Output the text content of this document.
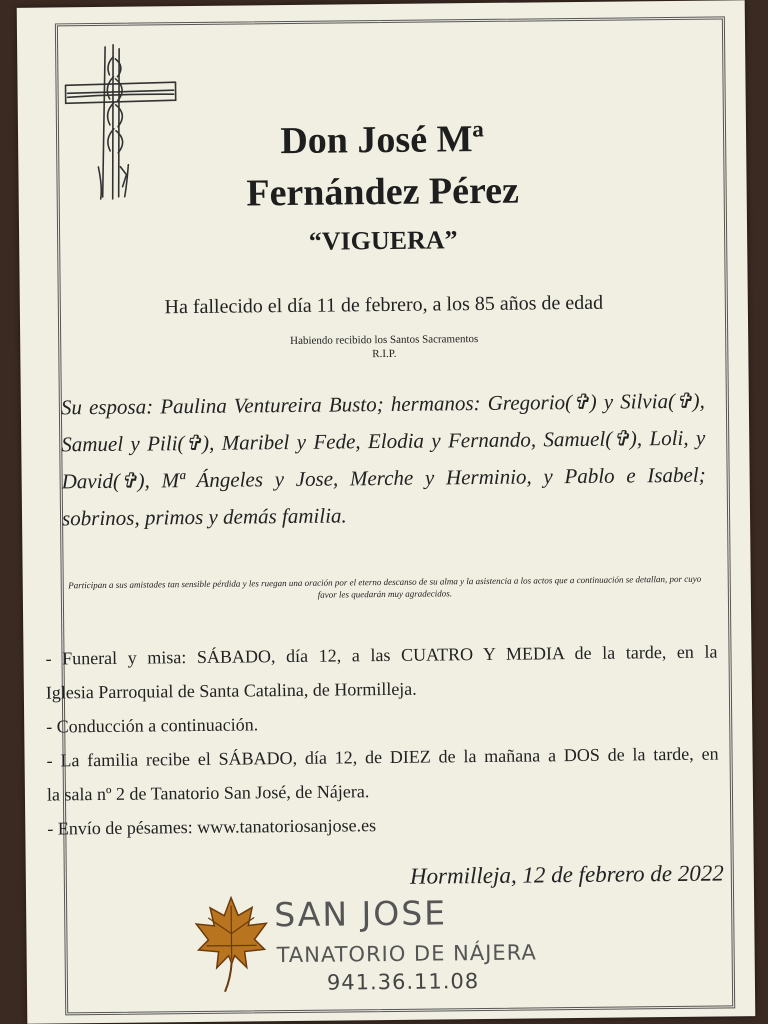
Don José Mª
Fernández Pérez
“VIGUERA”
Ha fallecido el día 11 de febrero, a los 85 años de edad
Habiendo recibido los Santos Sacramentos
R.I.P.
Su esposa: Paulina Ventureira Busto; hermanos: Gregorio(✞) y Silvia(✞), Samuel y Pili(✞), Maribel y Fede, Elodia y Fernando, Samuel(✞), Loli, y David(✞), Mª Ángeles y Jose, Merche y Herminio, y Pablo e Isabel; sobrinos, primos y demás familia.
Participan a sus amistades tan sensible pérdida y les ruegan una oración por el eterno descanso de su alma y la asistencia a los actos que a continuación se detallan, por cuyo favor les quedarán muy agradecidos.
- Funeral y misa: SÁBADO, día 12, a las CUATRO Y MEDIA de la tarde, en la
Iglesia Parroquial de Santa Catalina, de Hormilleja.
- Conducción a continuación.
- La familia recibe el SÁBADO, día 12, de DIEZ de la mañana a DOS de la tarde, en
la sala nº 2 de Tanatorio San José, de Nájera.
- Envío de pésames: www.tanatoriosanjose.es
Hormilleja, 12 de febrero de 2022
SAN JOSE
TANATORIO DE NÁJERA
941.36.11.08
